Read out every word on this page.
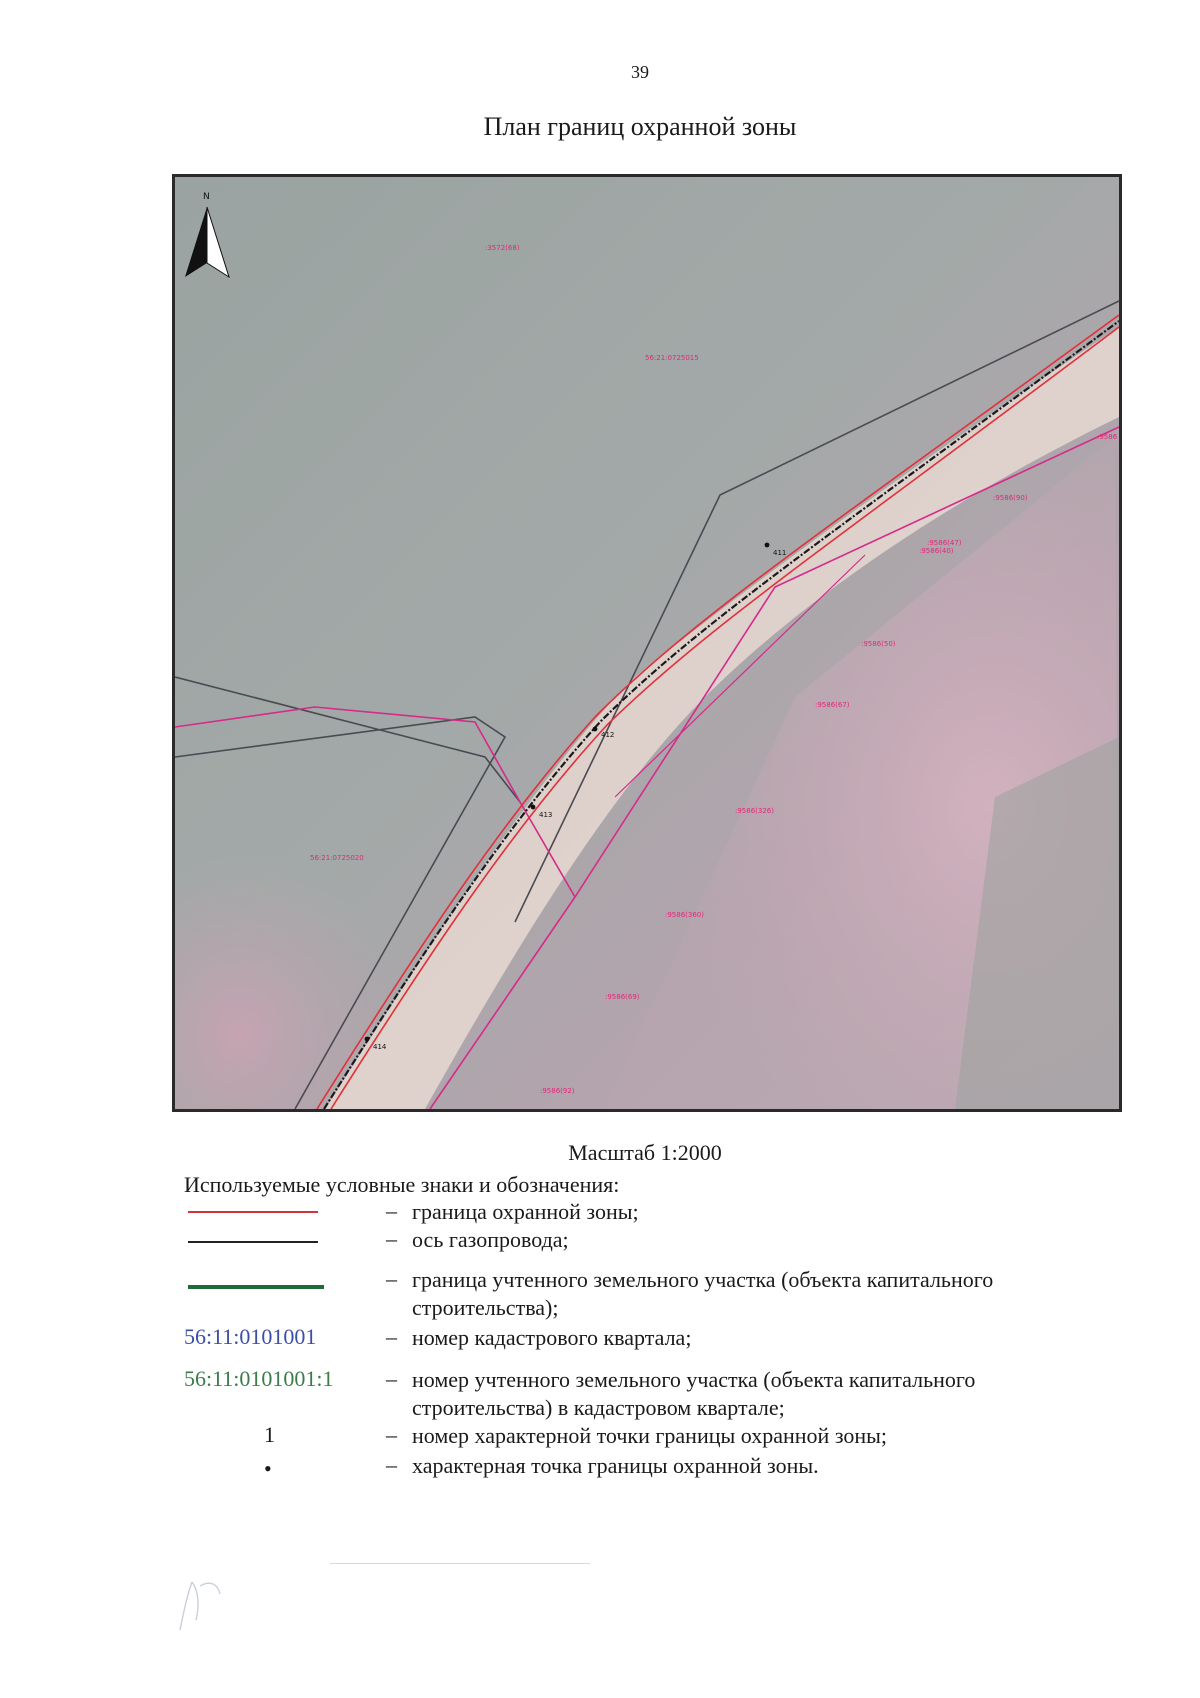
39
План границ охранной зоны
411
412
413
414
:3572(68)
56:21:0725015
56:21:0725020
:9586(90)
:9586(47)
:9586(40)
:9586(50)
:9586(67)
:9586(326)
:9586(360)
:9586(69)
:9586(92)
:9586
N
Масштаб 1:2000
Используемые условные знаки и обозначения:
– граница охранной зоны;
– ось газопровода;
– граница учтенного земельного участка (объекта капитального строительства);
56:11:0101001	– номер кадастрового квартала;
56:11:0101001:1 – номер учтенного земельного участка (объекта капитального строительства) в кадастровом квартале;
1	– номер характерной точки границы охранной зоны;
•	– характерная точка границы охранной зоны.
